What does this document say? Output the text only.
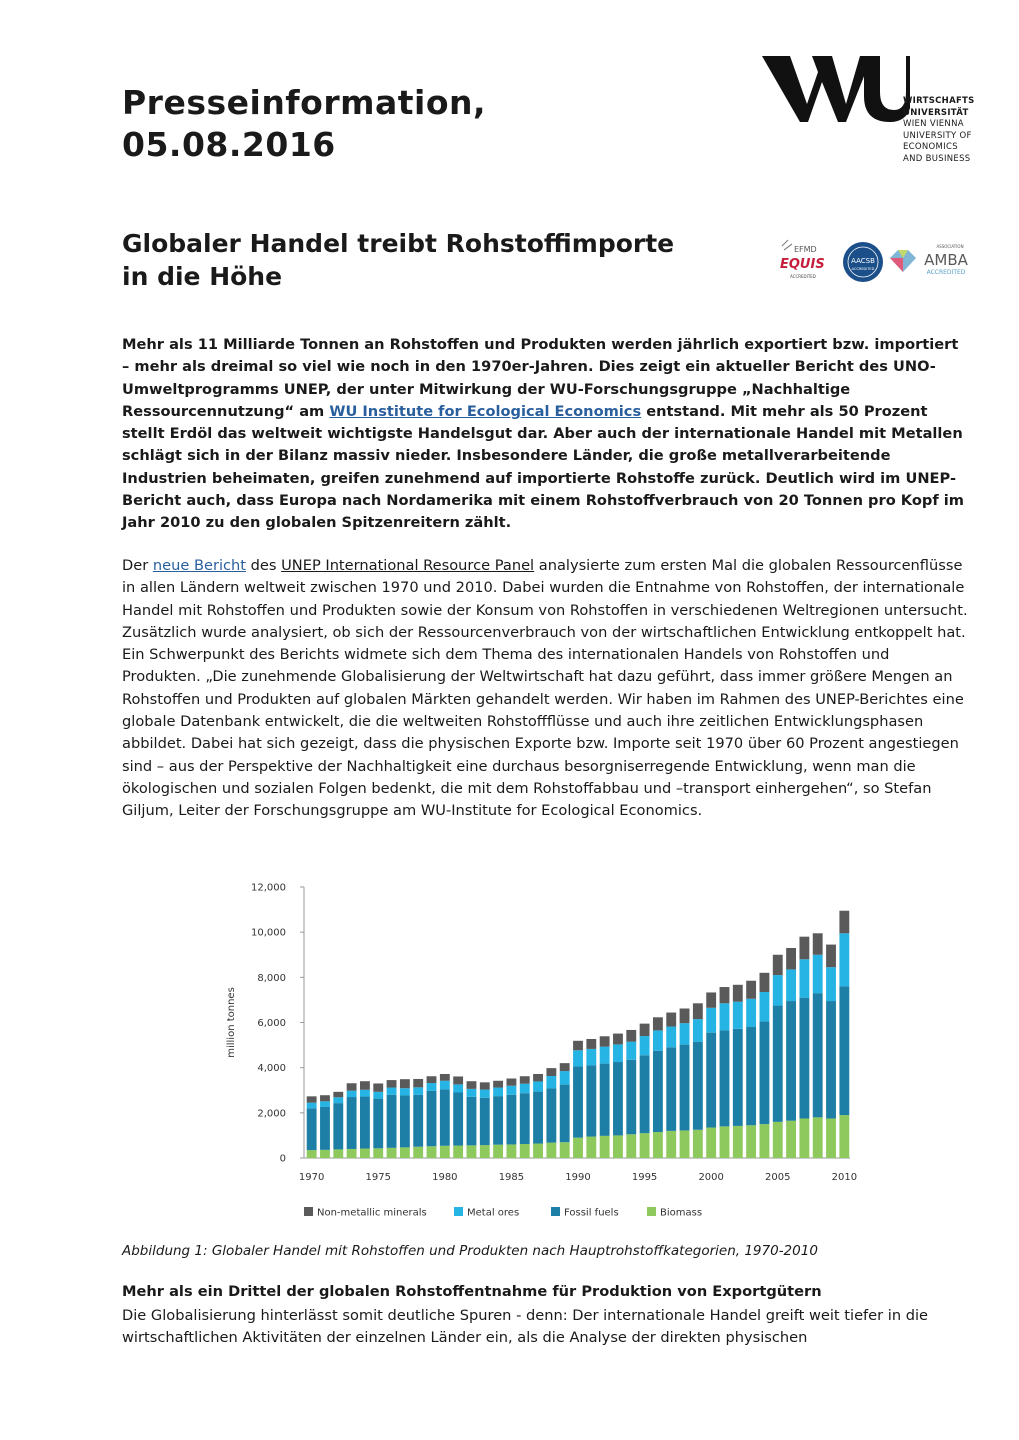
Presseinformation,
05.08.2016
WIRTSCHAFTS
UNIVERSITÄT
WIEN VIENNA
UNIVERSITY OF
ECONOMICS
AND BUSINESS
Globaler Handel treibt Rohstoffimporte
in die Höhe
EFMD
EQUIS
ACCREDITED
AACSB
ACCREDITED
ASSOCIATION
AMBA
ACCREDITED

Mehr als 11 Milliarde Tonnen an Rohstoffen und Produkten werden jährlich exportiert bzw. importiert – mehr als dreimal so viel wie noch in den 1970er-Jahren. Dies zeigt ein aktueller Bericht des UNO-Umweltprogramms UNEP, der unter Mitwirkung der WU-Forschungsgruppe „Nachhaltige Ressourcennutzung“ am WU Institute for Ecological Economics entstand. Mit mehr als 50 Prozent stellt Erdöl das weltweit wichtigste Handelsgut dar. Aber auch der internationale Handel mit Metallen schlägt sich in der Bilanz massiv nieder. Insbesondere Länder, die große metallverarbeitende Industrien beheimaten, greifen zunehmend auf importierte Rohstoffe zurück. Deutlich wird im UNEP-Bericht auch, dass Europa nach Nordamerika mit einem Rohstoffverbrauch von 20 Tonnen pro Kopf im Jahr 2010 zu den globalen Spitzenreitern zählt.

Der neue Bericht des UNEP International Resource Panel analysierte zum ersten Mal die globalen Ressourcenflüsse in allen Ländern weltweit zwischen 1970 und 2010. Dabei wurden die Entnahme von Rohstoffen, der internationale Handel mit Rohstoffen und Produkten sowie der Konsum von Rohstoffen in verschiedenen Weltregionen untersucht. Zusätzlich wurde analysiert, ob sich der Ressourcenverbrauch von der wirtschaftlichen Entwicklung entkoppelt hat. Ein Schwerpunkt des Berichts widmete sich dem Thema des internationalen Handels von Rohstoffen und Produkten. „Die zunehmende Globalisierung der Weltwirtschaft hat dazu geführt, dass immer größere Mengen an Rohstoffen und Produkten auf globalen Märkten gehandelt werden. Wir haben im Rahmen des UNEP-Berichtes eine globale Datenbank entwickelt, die die weltweiten Rohstoffflüsse und auch ihre zeitlichen Entwicklungsphasen abbildet. Dabei hat sich gezeigt, dass die physischen Exporte bzw. Importe seit 1970 über 60 Prozent angestiegen sind – aus der Perspektive der Nachhaltigkeit eine durchaus besorgniserregende Entwicklung, wenn man die ökologischen und sozialen Folgen bedenkt, die mit dem Rohstoffabbau und –transport einhergehen“, so Stefan Giljum, Leiter der Forschungsgruppe am WU-Institute for Ecological Economics.

0
2,000
4,000
6,000
8,000
10,000
12,000
million tonnes
1970	1975	1980	1985	1990	1995	2000	2005	2010
Non-metallic minerals	Metal ores	Fossil fuels	Biomass

Abbildung 1: Globaler Handel mit Rohstoffen und Produkten nach Hauptrohstoffkategorien, 1970-2010

Mehr als ein Drittel der globalen Rohstoffentnahme für Produktion von Exportgütern

Die Globalisierung hinterlässt somit deutliche Spuren - denn: Der internationale Handel greift weit tiefer in die wirtschaftlichen Aktivitäten der einzelnen Länder ein, als die Analyse der direkten physischen
